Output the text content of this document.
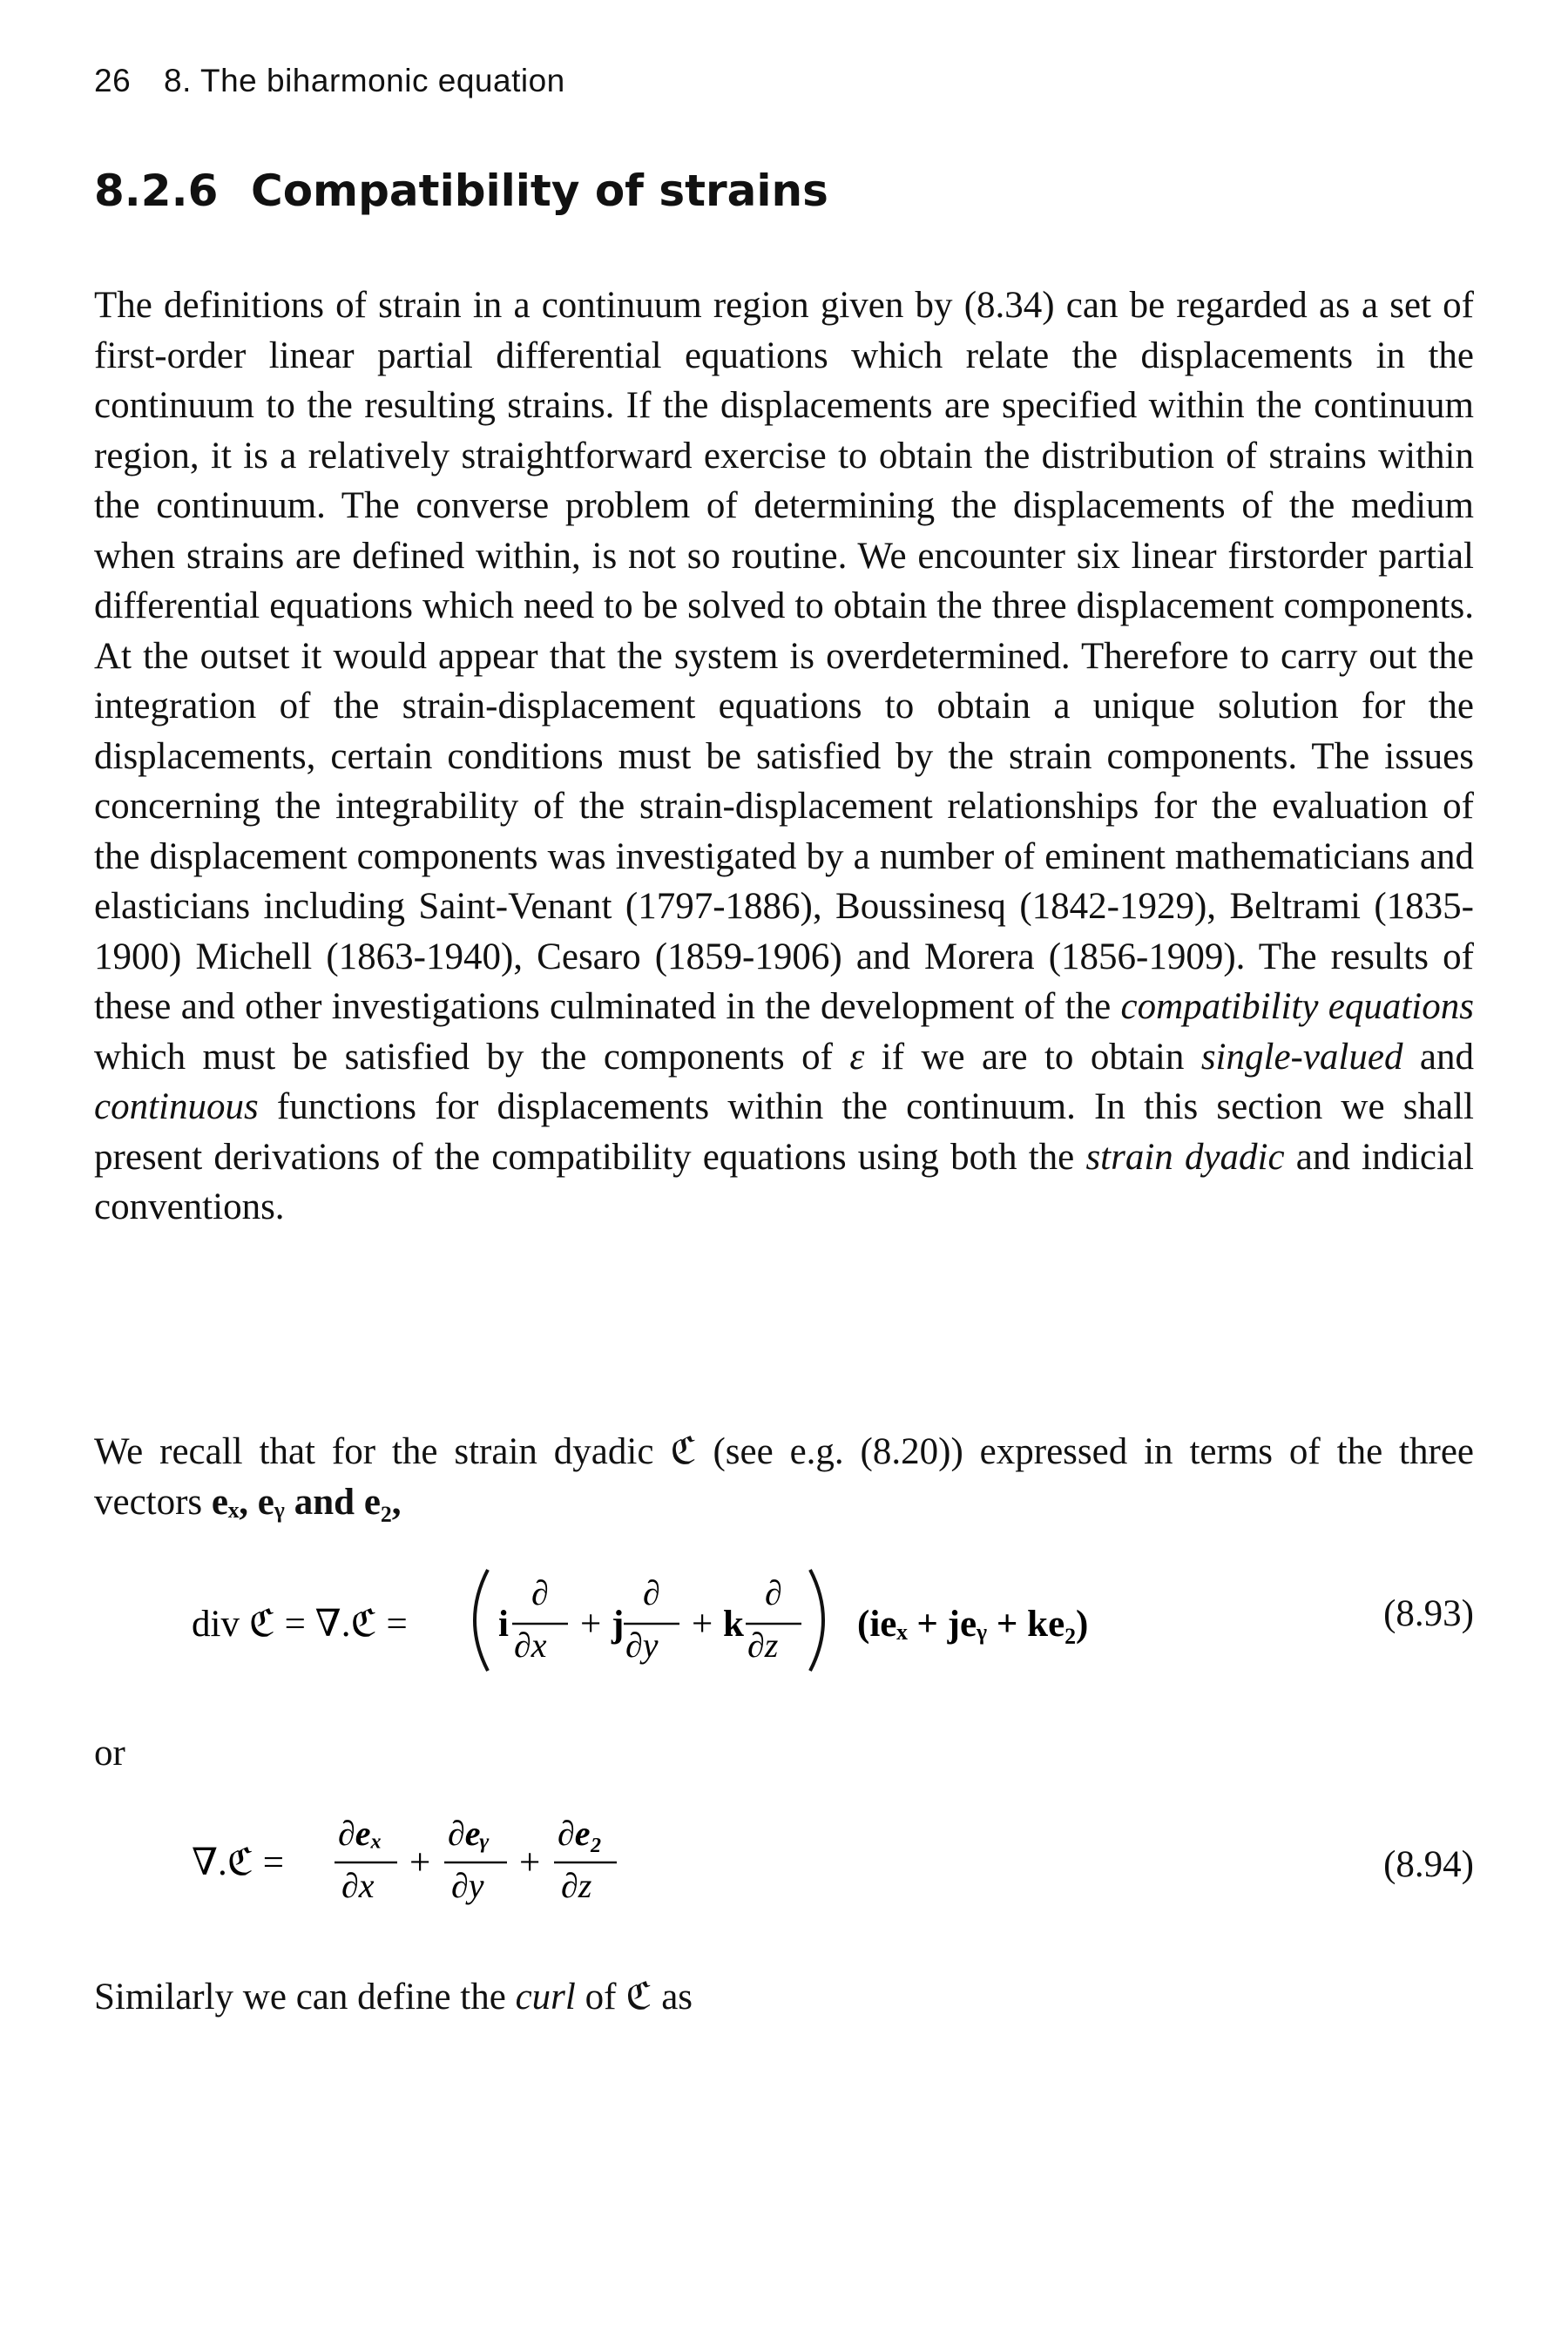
26 8. The biharmonic equation
8.2.6 Compatibility of strains
The definitions of strain in a continuum region given by (8.34) can be regarded as a set of first-order linear partial differential equations which relate the displacements in the continuum to the resulting strains. If the displacements are specified within the continuum region, it is a relatively straightforward exercise to obtain the distribution of strains within the continuum. The converse problem of determining the displacements of the medium when strains are defined within, is not so routine. We encounter six linear firstorder partial differential equations which need to be solved to obtain the three displacement components. At the outset it would appear that the system is overdetermined. Therefore to carry out the integration of the strain-displacement equations to obtain a unique solution for the displacements, certain conditions must be satisfied by the strain components. The issues concerning the integrability of the strain-displacement relationships for the evaluation of the displacement components was investigated by a number of eminent mathematicians and elasticians including Saint-Venant (1797-1886), Boussinesq (1842-1929), Beltrami (1835-1900) Michell (1863-1940), Cesaro (1859-1906) and Morera (1856-1909). The results of these and other investigations culminated in the development of the compatibility equations which must be satisfied by the components of ε if we are to obtain single-valued and continuous functions for displacements within the continuum. In this section we shall present derivations of the compatibility equations using both the strain dyadic and indicial conventions.
We recall that for the strain dyadic ℭ (see e.g. (8.20)) expressed in terms of the three vectors eₓ, eᵧ and e₂,
div ℭ = ∇.ℭ = i
∂
∂x
+ j
∂
∂y
+ k
∂
∂z
(ieₓ + jeᵧ + ke₂)	(8.93)
or
∇.ℭ =
∂eₓ
∂x
+
∂eᵧ
∂y
+
∂e₂
∂z
(8.94)
Similarly we can define the curl of ℭ as
